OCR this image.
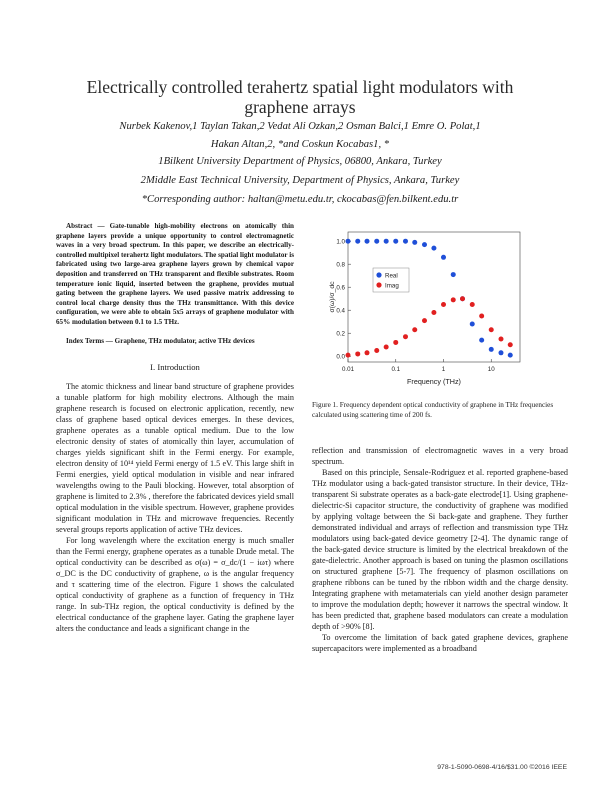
Electrically controlled terahertz spatial light modulators with
graphene arrays
Nurbek Kakenov,1 Taylan Takan,2 Vedat Ali Ozkan,2 Osman Balci,1 Emre O. Polat,1
Hakan Altan,2, *and Coskun Kocabas1, *
1Bilkent University Department of Physics, 06800, Ankara, Turkey
2Middle East Technical University, Department of Physics, Ankara, Turkey
*Corresponding author: haltan@metu.edu.tr, ckocabas@fen.bilkent.edu.tr

Abstract — Gate-tunable high-mobility electrons on atomically thin graphene layers provide a unique opportunity to control electromagnetic waves in a very broad spectrum. In this paper, we describe an electrically-controlled multipixel terahertz light modulators. The spatial light modulator is fabricated using two large-area graphene layers grown by chemical vapor deposition and transferred on THz transparent and flexible substrates. Room temperature ionic liquid, inserted between the graphene, provides mutual gating between the graphene layers. We used passive matrix addressing to control local charge density thus the THz transmittance. With this device configuration, we were able to obtain 5x5 arrays of graphene modulator with 65% modulation between 0.1 to 1.5 THz.

Index Terms — Graphene, THz modulator, active THz devices

I. Introduction

The atomic thickness and linear band structure of graphene provides a tunable platform for high mobility electrons. Although the main graphene research is focused on electronic application, recently, new class of graphene based optical devices emerges. In these devices, graphene operates as a tunable optical medium. Due to the low electronic density of states of atomically thin layer, accumulation of charges yields significant shift in the Fermi energy. For example, electron density of 10¹⁴ yield Fermi energy of 1.5 eV. This large shift in Fermi energies, yield optical modulation in visible and near infrared wavelengths owing to the Pauli blocking. However, total absorption of graphene is limited to 2.3% , therefore the fabricated devices yield small optical modulation in the visible spectrum. However, graphene provides significant modulation in THz and microwave frequencies. Recently several groups reports application of active THz devices.

For long wavelength where the excitation energy is much smaller than the Fermi energy, graphene operates as a tunable Drude metal. The optical conductivity can be described as σ(ω) = σ_dc/(1 − iωτ) where σ_DC is the DC conductivity of graphene, ω is the angular frequency and τ scattering time of the electron. Figure 1 shows the calculated optical conductivity of graphene as a function of frequency in THz range. In sub-THz region, the optical conductivity is defined by the electrical conductance of the graphene layer. Gating the graphene layer alters the conductance and leads a significant change in the

0.0
0.2
0.4
0.6
0.8
1.0
0.01	0.1	1	10
Real
Imag
Frequency (THz)
σ(ω)/σ_dc
Figure 1. Frequency dependent optical conductivity of graphene in THz frequencies calculated using scattering time of 200 fs.

reflection and transmission of electromagnetic waves in a very broad spectrum.

Based on this principle, Sensale-Rodriguez et al. reported graphene-based THz modulator using a back-gated transistor structure. In their device, THz-transparent Si substrate operates as a back-gate electrode[1]. Using graphene-dielectric-Si capacitor structure, the conductivity of graphene was modified by applying voltage between the Si back-gate and graphene. They further demonstrated individual and arrays of reflection and transmission type THz modulators using back-gated device geometry [2-4]. The dynamic range of the back-gated device structure is limited by the electrical breakdown of the gate-dielectric. Another approach is based on tuning the plasmon oscillations on structured graphene [5-7]. The frequency of plasmon oscillations on graphene ribbons can be tuned by the ribbon width and the charge density. Integrating graphene with metamaterials can yield another design parameter to improve the modulation depth; however it narrows the spectral window. It has been predicted that, graphene based modulators can create a modulation depth of >90% [8].

To overcome the limitation of back gated graphene devices, graphene supercapacitors were implemented as a broadband

978-1-5090-0698-4/16/$31.00 ©2016 IEEE
